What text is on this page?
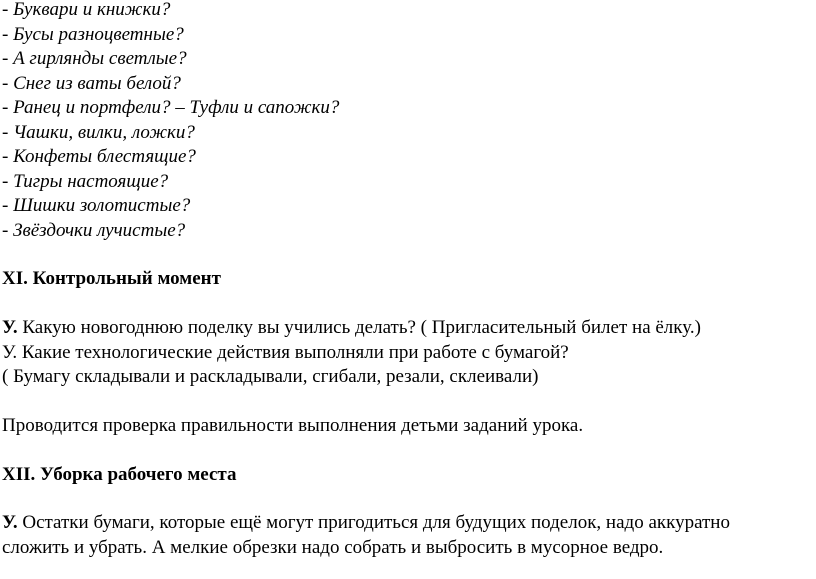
- Буквари и книжки?
- Бусы разноцветные?
- А гирлянды светлые?
- Снег из ваты белой?
- Ранец и портфели? – Туфли и сапожки?
- Чашки, вилки, ложки?
- Конфеты блестящие?
- Тигры настоящие?
- Шишки золотистые?
- Звёздочки лучистые?
XI. Контрольный момент
У. Какую новогоднюю поделку вы учились делать? ( Пригласительный билет на ёлку.)
У. Какие технологические действия выполняли при работе с бумагой?
( Бумагу складывали и раскладывали, сгибали, резали, склеивали)
Проводится проверка правильности выполнения детьми заданий урока.
XII. Уборка рабочего места
У. Остатки бумаги, которые ещё могут пригодиться для будущих поделок, надо аккуратно
сложить и убрать. А мелкие обрезки надо собрать и выбросить в мусорное ведро.
